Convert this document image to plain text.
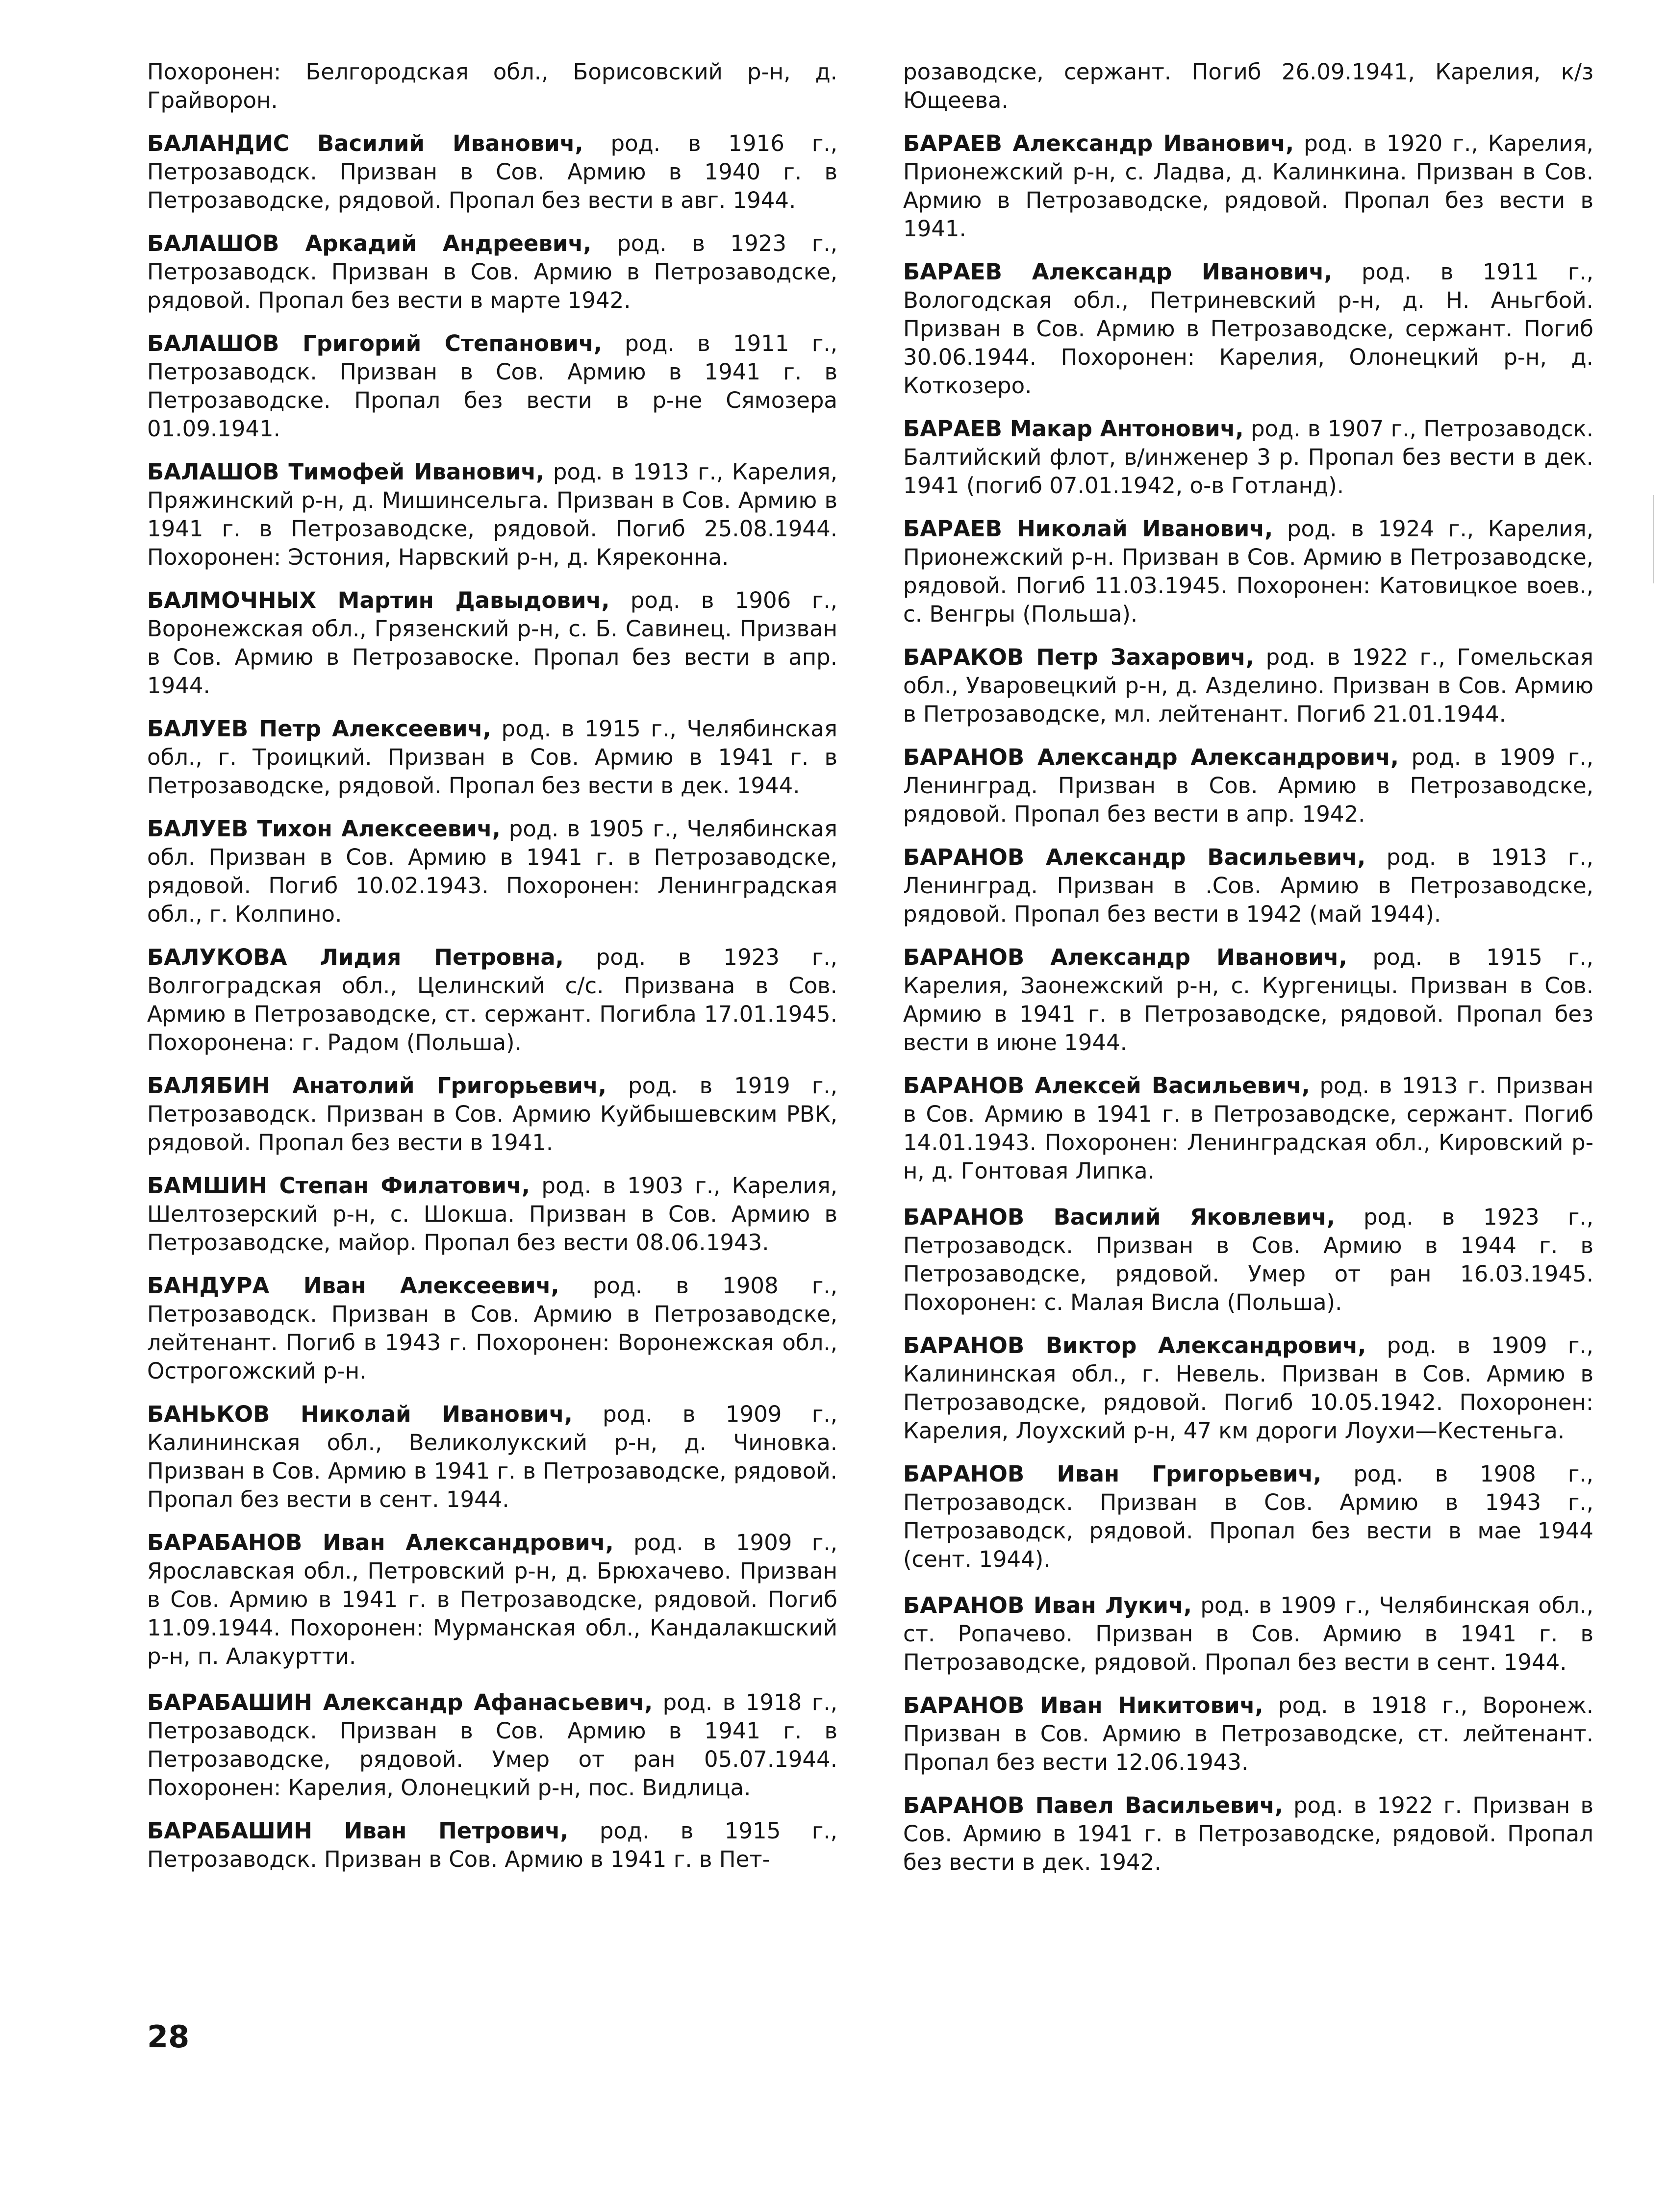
Похоронен: Белгородская обл., Борисовский р-н, д. Грайворон.

БАЛАНДИС Василий Иванович, род. в 1916 г., Петрозаводск. Призван в Сов. Армию в 1940 г. в Петрозаводске, рядовой. Пропал без вести в авг. 1944.

БАЛАШОВ Аркадий Андреевич, род. в 1923 г., Петрозаводск. Призван в Сов. Армию в Петрозаводске, рядовой. Пропал без вести в марте 1942.

БАЛАШОВ Григорий Степанович, род. в 1911 г., Петрозаводск. Призван в Сов. Армию в 1941 г. в Петрозаводске. Пропал без вести в р-не Сямозера 01.09.1941.

БАЛАШОВ Тимофей Иванович, род. в 1913 г., Карелия, Пряжинский р-н, д. Мишинсельга. Призван в Сов. Армию в 1941 г. в Петрозаводске, рядовой. Погиб 25.08.1944. Похоронен: Эстония, Нарвский р-н, д. Кяреконна.

БАЛМОЧНЫХ Мартин Давыдович, род. в 1906 г., Воронежская обл., Грязенский р-н, с. Б. Савинец. Призван в Сов. Армию в Петрозавоске. Пропал без вести в апр. 1944.

БАЛУЕВ Петр Алексеевич, род. в 1915 г., Челябинская обл., г. Троицкий. Призван в Сов. Армию в 1941 г. в Петрозаводске, рядовой. Пропал без вести в дек. 1944.

БАЛУЕВ Тихон Алексеевич, род. в 1905 г., Челябинская обл. Призван в Сов. Армию в 1941 г. в Петрозаводске, рядовой. Погиб 10.02.1943. Похоронен: Ленинградская обл., г. Колпино.

БАЛУКОВА Лидия Петровна, род. в 1923 г., Волгоградская обл., Целинский с/с. Призвана в Сов. Армию в Петрозаводске, ст. сержант. Погибла 17.01.1945. Похоронена: г. Радом (Польша).

БАЛЯБИН Анатолий Григорьевич, род. в 1919 г., Петрозаводск. Призван в Сов. Армию Куйбышевским РВК, рядовой. Пропал без вести в 1941.

БАМШИН Степан Филатович, род. в 1903 г., Карелия, Шелтозерский р-н, с. Шокша. Призван в Сов. Армию в Петрозаводске, майор. Пропал без вести 08.06.1943.

БАНДУРА Иван Алексеевич, род. в 1908 г., Петрозаводск. Призван в Сов. Армию в Петрозаводске, лейтенант. Погиб в 1943 г. Похоронен: Воронежская обл., Острогожский р-н.

БАНЬКОВ Николай Иванович, род. в 1909 г., Калининская обл., Великолукский р-н, д. Чиновка. Призван в Сов. Армию в 1941 г. в Петрозаводске, рядовой. Пропал без вести в сент. 1944.

БАРАБАНОВ Иван Александрович, род. в 1909 г., Ярославская обл., Петровский р-н, д. Брюхачево. Призван в Сов. Армию в 1941 г. в Петрозаводске, рядовой. Погиб 11.09.1944. Похоронен: Мурманская обл., Кандалакшский р-н, п. Алакуртти.

БАРАБАШИН Александр Афанасьевич, род. в 1918 г., Петрозаводск. Призван в Сов. Армию в 1941 г. в Петрозаводске, рядовой. Умер от ран 05.07.1944. Похоронен: Карелия, Олонецкий р-н, пос. Видлица.

БАРАБАШИН Иван Петрович, род. в 1915 г., Петрозаводск. Призван в Сов. Армию в 1941 г. в Пет-

розаводске, сержант. Погиб 26.09.1941, Карелия, к/з Ющеева.

БАРАЕВ Александр Иванович, род. в 1920 г., Карелия, Прионежский р-н, с. Ладва, д. Калинкина. Призван в Сов. Армию в Петрозаводске, рядовой. Пропал без вести в 1941.

БАРАЕВ Александр Иванович, род. в 1911 г., Вологодская обл., Петриневский р-н, д. Н. Аньгбой. Призван в Сов. Армию в Петрозаводске, сержант. Погиб 30.06.1944. Похоронен: Карелия, Олонецкий р-н, д. Коткозеро.

БАРАЕВ Макар Антонович, род. в 1907 г., Петрозаводск. Балтийский флот, в/инженер 3 р. Пропал без вести в дек. 1941 (погиб 07.01.1942, о-в Готланд).

БАРАЕВ Николай Иванович, род. в 1924 г., Карелия, Прионежский р-н. Призван в Сов. Армию в Петрозаводске, рядовой. Погиб 11.03.1945. Похоронен: Катовицкое воев., с. Венгры (Польша).

БАРАКОВ Петр Захарович, род. в 1922 г., Гомельская обл., Уваровецкий р-н, д. Азделино. Призван в Сов. Армию в Петрозаводске, мл. лейтенант. Погиб 21.01.1944.

БАРАНОВ Александр Александрович, род. в 1909 г., Ленинград. Призван в Сов. Армию в Петрозаводске, рядовой. Пропал без вести в апр. 1942.

БАРАНОВ Александр Васильевич, род. в 1913 г., Ленинград. Призван в .Сов. Армию в Петрозаводске, рядовой. Пропал без вести в 1942 (май 1944).

БАРАНОВ Александр Иванович, род. в 1915 г., Карелия, Заонежский р-н, с. Кургеницы. Призван в Сов. Армию в 1941 г. в Петрозаводске, рядовой. Пропал без вести в июне 1944.

БАРАНОВ Алексей Васильевич, род. в 1913 г. Призван в Сов. Армию в 1941 г. в Петрозаводске, сержант. Погиб 14.01.1943. Похоронен: Ленинградская обл., Кировский р-н, д. Гонтовая Липка.

БАРАНОВ Василий Яковлевич, род. в 1923 г., Петрозаводск. Призван в Сов. Армию в 1944 г. в Петрозаводске, рядовой. Умер от ран 16.03.1945. Похоронен: с. Малая Висла (Польша).

БАРАНОВ Виктор Александрович, род. в 1909 г., Калининская обл., г. Невель. Призван в Сов. Армию в Петрозаводске, рядовой. Погиб 10.05.1942. Похоронен: Карелия, Лоухский р-н, 47 км дороги Лоухи—Кестеньга.

БАРАНОВ Иван Григорьевич, род. в 1908 г., Петрозаводск. Призван в Сов. Армию в 1943 г., Петрозаводск, рядовой. Пропал без вести в мае 1944 (сент. 1944).

БАРАНОВ Иван Лукич, род. в 1909 г., Челябинская обл., ст. Ропачево. Призван в Сов. Армию в 1941 г. в Петрозаводске, рядовой. Пропал без вести в сент. 1944.

БАРАНОВ Иван Никитович, род. в 1918 г., Воронеж. Призван в Сов. Армию в Петрозаводске, ст. лейтенант. Пропал без вести 12.06.1943.

БАРАНОВ Павел Васильевич, род. в 1922 г. Призван в Сов. Армию в 1941 г. в Петрозаводске, рядовой. Пропал без вести в дек. 1942.

28
